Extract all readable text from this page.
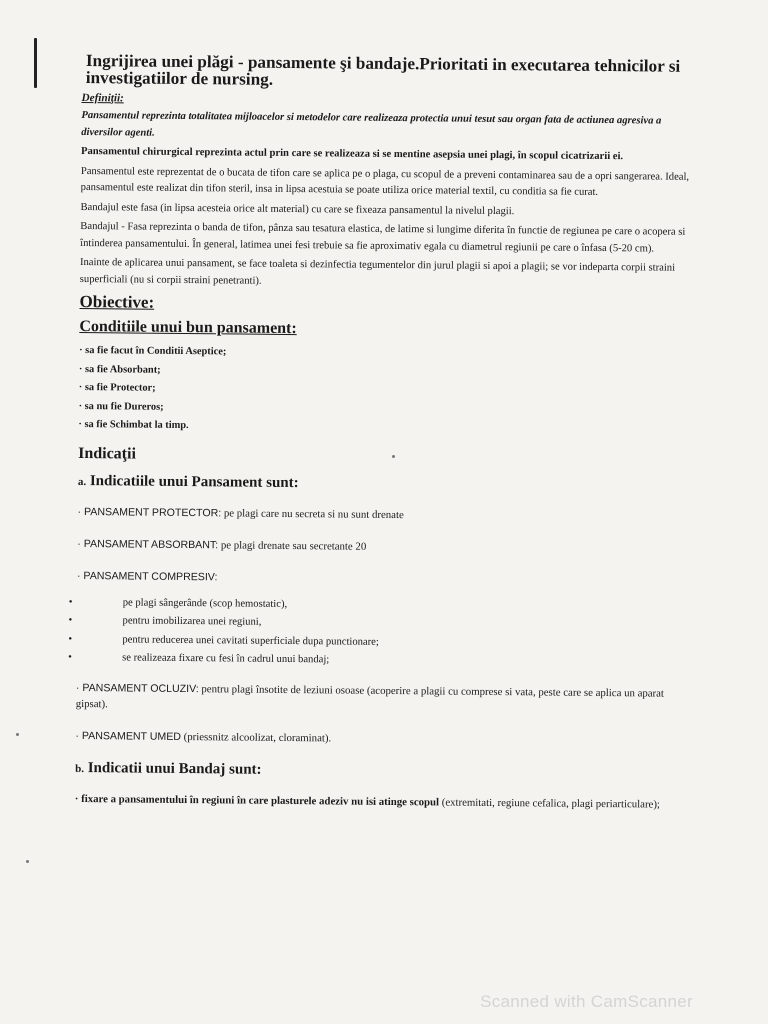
Ingrijirea unei plăgi - pansamente şi bandaje.Prioritati in executarea tehnicilor si investigatiilor de nursing.
Definiţii:

Pansamentul reprezinta totalitatea mijloacelor si metodelor care realizeaza protectia unui tesut sau organ fata de actiunea agresiva a diversilor agenti.

Pansamentul chirurgical reprezinta actul prin care se realizeaza si se mentine asepsia unei plagi, în scopul cicatrizarii ei.

Pansamentul este reprezentat de o bucata de tifon care se aplica pe o plaga, cu scopul de a preveni contaminarea sau de a opri sangerarea. Ideal, pansamentul este realizat din tifon steril, insa in lipsa acestuia se poate utiliza orice material textil, cu conditia sa fie curat.

Bandajul este fasa (in lipsa acesteia orice alt material) cu care se fixeaza pansamentul la nivelul plagii.

Bandajul - Fasa reprezinta o banda de tifon, pânza sau tesatura elastica, de latime si lungime diferita în functie de regiunea pe care o acopera si întinderea pansamentului. În general, latimea unei fesi trebuie sa fie aproximativ egala cu diametrul regiunii pe care o înfasa (5-20 cm).

Inainte de aplicarea unui pansament, se face toaleta si dezinfectia tegumentelor din jurul plagii si apoi a plagii; se vor indeparta corpii straini superficiali (nu si corpii straini penetranti).

Obiective:
Conditiile unui bun pansament:
· sa fie facut în Conditii Aseptice;
· sa fie Absorbant;
· sa fie Protector;
· sa nu fie Dureros;
· sa fie Schimbat la timp.
Indicaţii
a. Indicatiile unui Pansament sunt:
· PANSAMENT PROTECTOR: pe plagi care nu secreta si nu sunt drenate
· PANSAMENT ABSORBANT: pe plagi drenate sau secretante 20
· PANSAMENT COMPRESIV:
• pe plagi sângerânde (scop hemostatic),
• pentru imobilizarea unei regiuni,
• pentru reducerea unei cavitati superficiale dupa punctionare;
• se realizeaza fixare cu fesi în cadrul unui bandaj;
· PANSAMENT OCLUZIV: pentru plagi însotite de leziuni osoase (acoperire a plagii cu comprese si vata, peste care se aplica un aparat gipsat).
· PANSAMENT UMED (priessnitz alcoolizat, cloraminat).
b. Indicatii unui Bandaj sunt:
· fixare a pansamentului în regiuni în care plasturele adeziv nu isi atinge scopul (extremitati, regiune cefalica, plagi periarticulare);
Scanned with CamScanner
